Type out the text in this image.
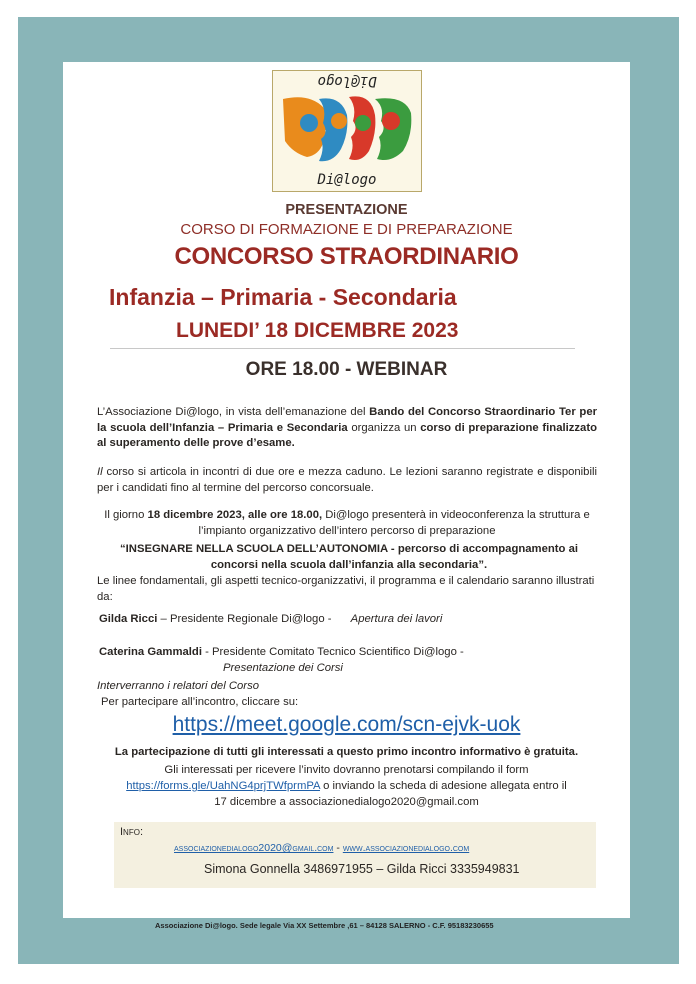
Di@logo
Di@logo
PRESENTAZIONE
CORSO DI FORMAZIONE E DI PREPARAZIONE
CONCORSO STRAORDINARIO
Infanzia – Primaria - Secondaria
LUNEDI’ 18 DICEMBRE 2023
ORE 18.00 - WEBINAR
L’Associazione Di@logo, in vista dell’emanazione del Bando del Concorso Straordinario Ter per la scuola dell’Infanzia – Primaria e Secondaria organizza un corso di preparazione finalizzato al superamento delle prove d’esame.
Il corso si articola in incontri di due ore e mezza caduno. Le lezioni saranno registrate e disponibili per i candidati fino al termine del percorso concorsuale.
Il giorno 18 dicembre 2023, alle ore 18.00, Di@logo presenterà in videoconferenza la struttura e l’impianto organizzativo dell’intero percorso di preparazione
“INSEGNARE NELLA SCUOLA DELL’AUTONOMIA - percorso di accompagnamento ai concorsi nella scuola dall’infanzia alla secondaria”.
Le linee fondamentali, gli aspetti tecnico-organizzativi, il programma e il calendario saranno illustrati da:
Gilda Ricci – Presidente Regionale Di@logo - Apertura dei lavori
Caterina Gammaldi - Presidente Comitato Tecnico Scientifico Di@logo -
Presentazione dei Corsi
Interverranno i relatori del Corso
Per partecipare all’incontro, cliccare su:
https://meet.google.com/scn-ejvk-uok
La partecipazione di tutti gli interessati a questo primo incontro informativo è gratuita.
Gli interessati per ricevere l’invito dovranno prenotarsi compilando il form
https://forms.gle/UahNG4prjTWfprmPA o inviando la scheda di adesione allegata entro il
17 dicembre a associazionedialogo2020@gmail.com
Info:
associazionedialogo2020@gmail.com - www.associazionedialogo.com
Simona Gonnella 3486971955 – Gilda Ricci 3335949831
Associazione Di@logo. Sede legale Via XX Settembre ,61 – 84128 SALERNO - C.F. 95183230655
